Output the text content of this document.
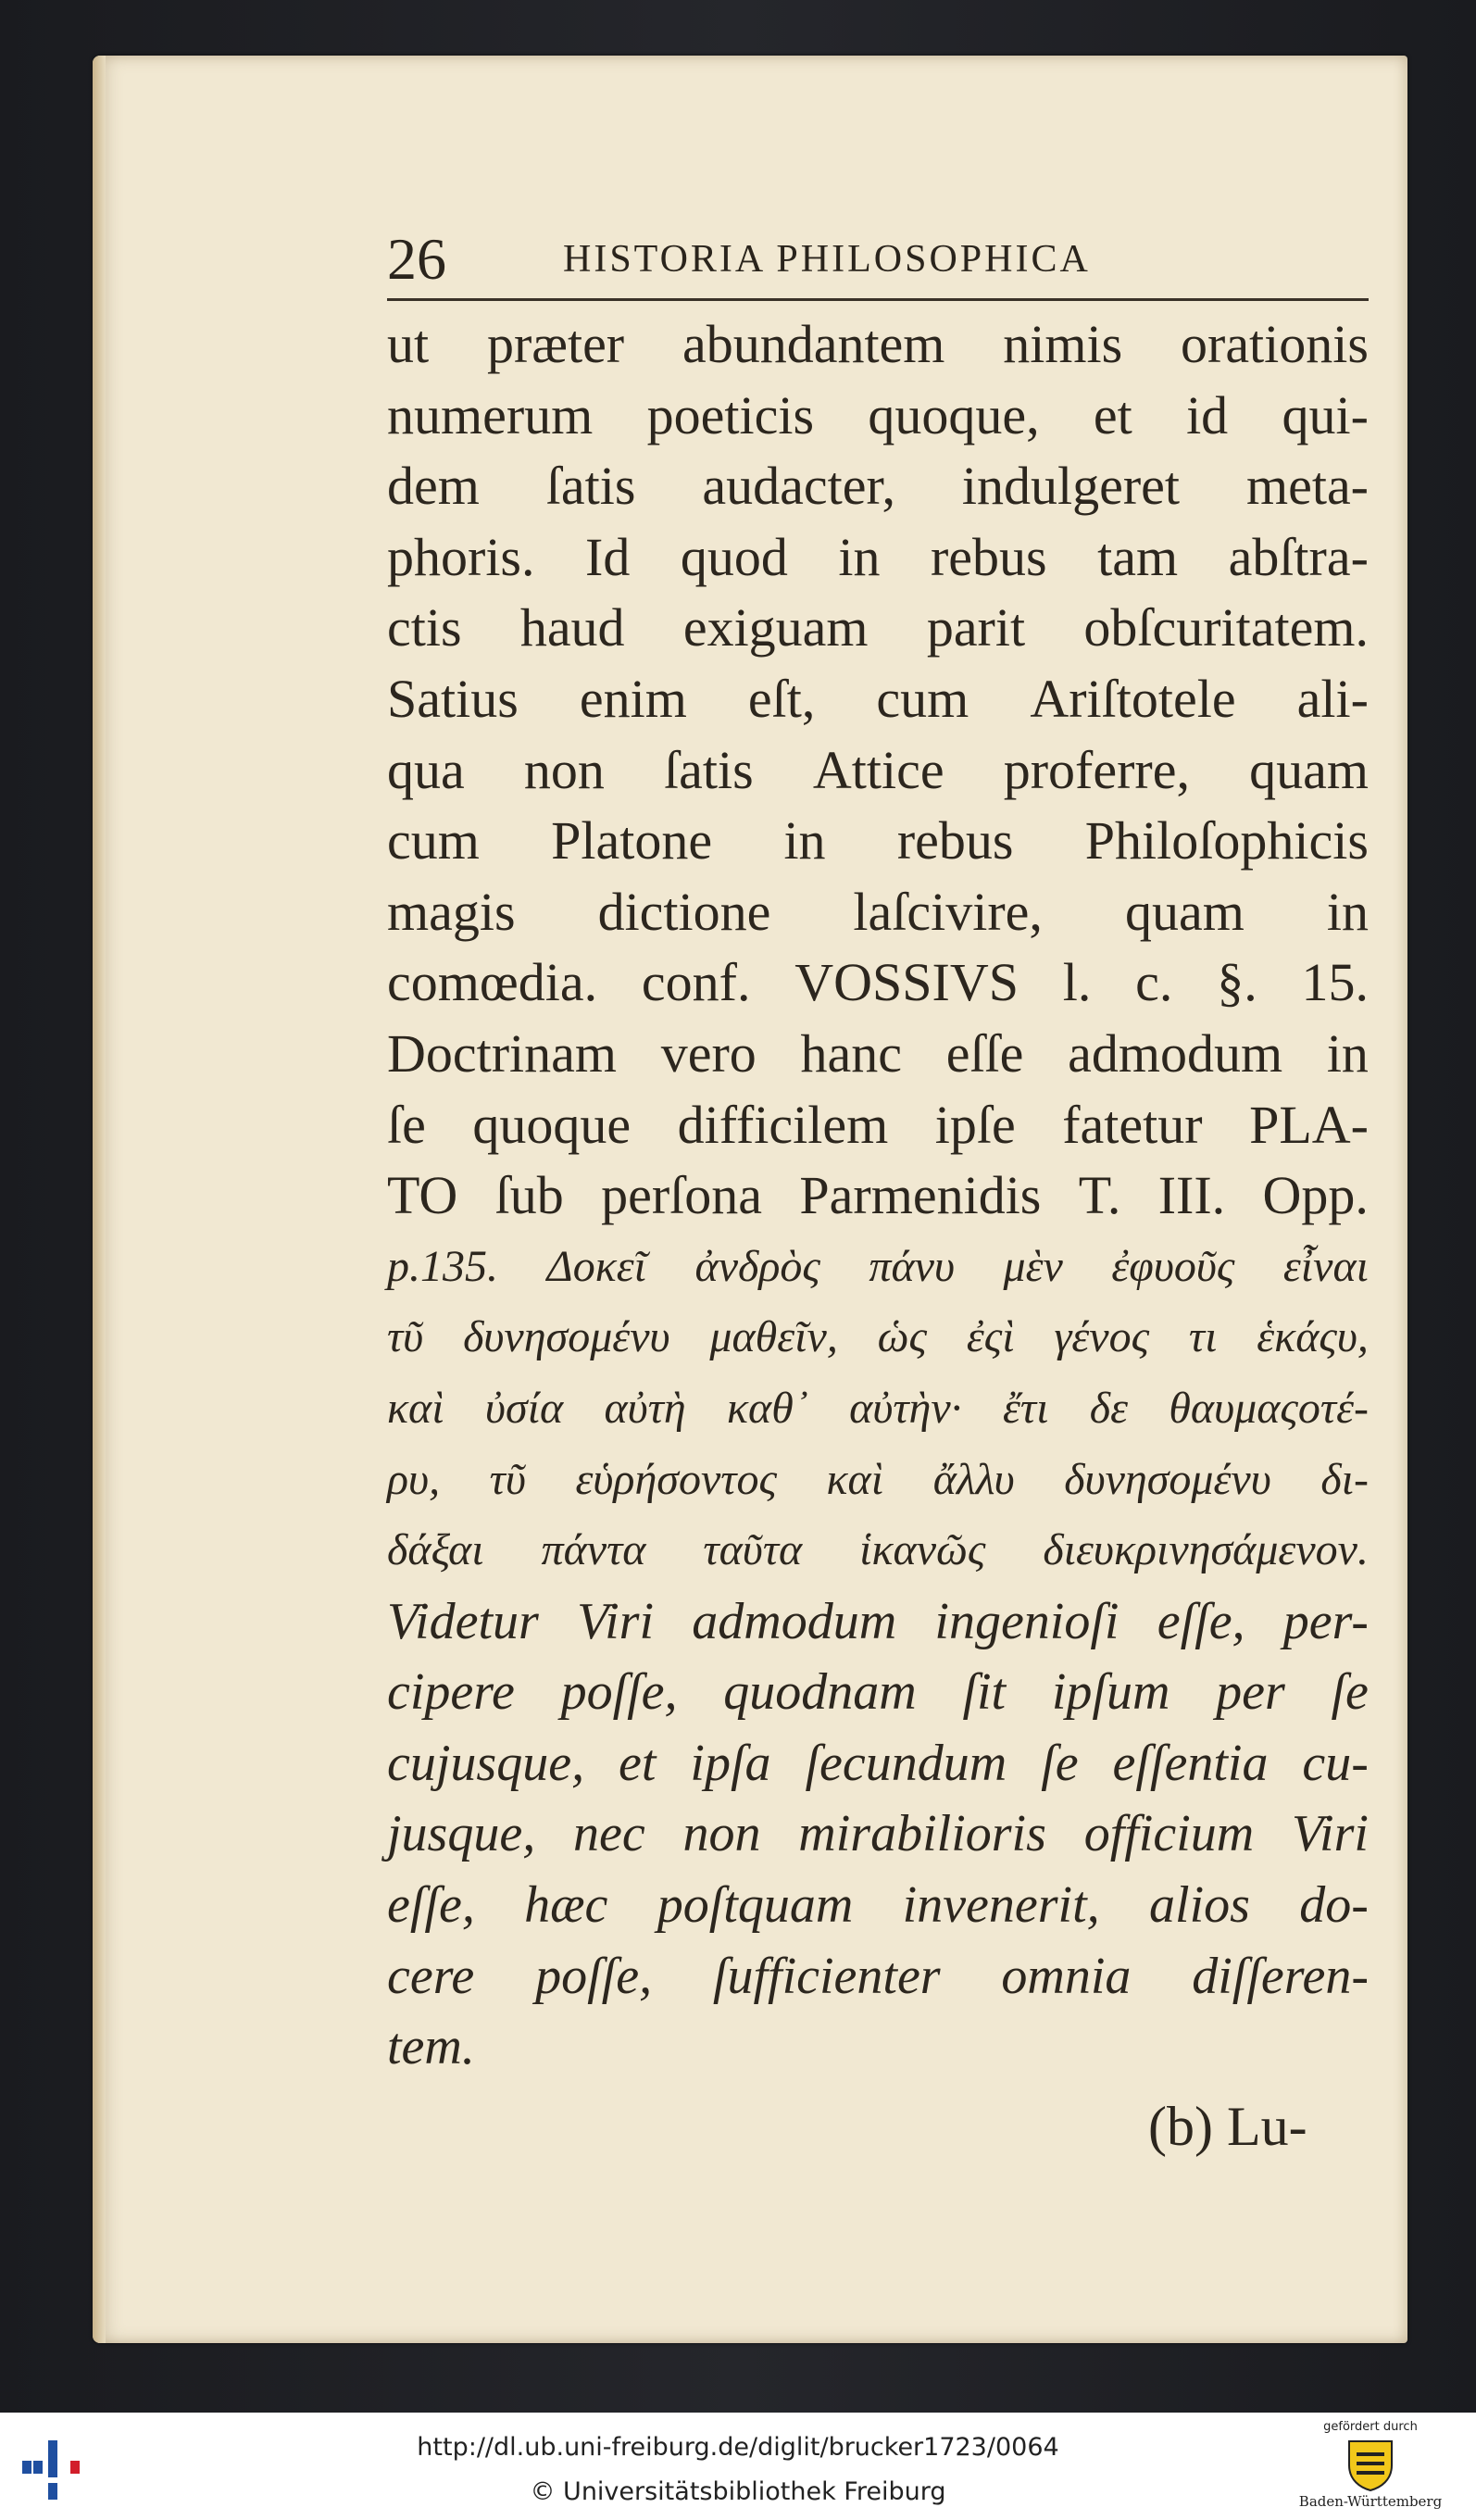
26	HISTORIA PHILOSOPHICA
ut præter abundantem nimis orationis
numerum poeticis quoque, et id qui-
dem ſatis audacter, indulgeret meta-
phoris. Id quod in rebus tam abſtra-
ctis haud exiguam parit obſcuritatem.
Satius enim eſt, cum Ariſtotele ali-
qua non ſatis Attice proferre, quam
cum Platone in rebus Philoſophicis
magis dictione laſcivire, quam in
comœdia. conf. VOSSIVS l. c. §. 15.
Doctrinam vero hanc eſſe admodum in
ſe quoque difficilem ipſe fatetur PLA-
TO ſub perſona Parmenidis T. III. Opp.
p.135. Δοκεῖ ἀνδρὸς πάνυ μὲν ἐφυοῦς εἶναι
τῦ δυνησομένυ μαθεῖν, ὡς ἐςὶ γένος τι ἑκάςυ,
καὶ ὐσία αὐτὴ καθ᾽ αὐτὴν· ἔτι δε θαυμαςοτέ-
ρυ, τῦ εὑρήσοντος καὶ ἄλλυ δυνησομένυ δι-
δάξαι πάντα ταῦτα ἱκανῶς διευκρινησάμενον.
Videtur Viri admodum ingenioſi eſſe, per-
cipere poſſe, quodnam ſit ipſum per ſe
cujusque, et ipſa ſecundum ſe eſſentia cu-
jusque, nec non mirabilioris officium Viri
eſſe, hæc poſtquam invenerit, alios do-
cere poſſe, ſufficienter omnia diſſeren-
tem.
(b) Lu-
http://dl.ub.uni-freiburg.de/diglit/brucker1723/0064
© Universitätsbibliothek Freiburg
gefördert durch
Baden-Württemberg
